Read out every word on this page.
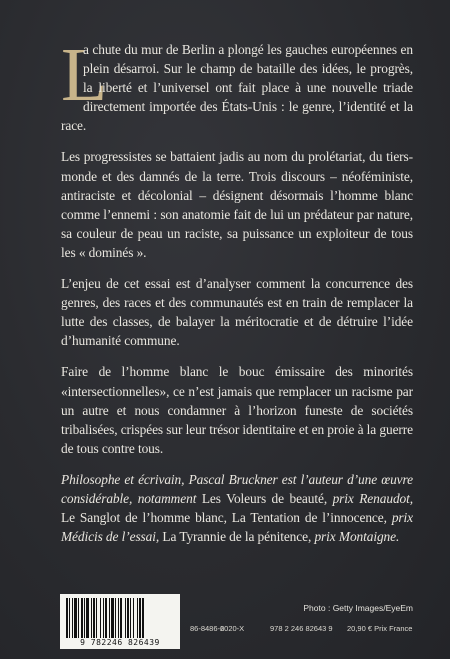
L
a chute du mur de Berlin a plongé les gauches européennes en plein désarroi. Sur le champ de bataille des idées, le progrès, la liberté et l’universel ont fait place à une nouvelle triade directement importée des États-Unis : le genre, l’identité et la race.

Les progressistes se battaient jadis au nom du prolétariat, du tiers-monde et des damnés de la terre. Trois discours – néoféministe, antiraciste et décolonial – désignent désormais l’homme blanc comme l’ennemi : son anatomie fait de lui un prédateur par nature, sa couleur de peau un raciste, sa puissance un exploiteur de tous les « dominés ».

L’enjeu de cet essai est d’analyser comment la concurrence des genres, des races et des communautés est en train de remplacer la lutte des classes, de balayer la méritocratie et de détruire l’idée d’humanité commune.

Faire de l’homme blanc le bouc émissaire des minorités «intersectionnelles», ce n’est jamais que remplacer un racisme par un autre et nous condamner à l’horizon funeste de sociétés tribalisées, crispées sur leur trésor identitaire et en proie à la guerre de tous contre tous.

Philosophe et écrivain, Pascal Bruckner est l’auteur d’une œuvre considérable, notamment Les Voleurs de beauté, prix Renaudot, Le Sanglot de l’homme blanc, La Tentation de l’innocence, prix Médicis de l’essai, La Tyrannie de la pénitence, prix Montaigne.

9 782246 826439
Photo : Getty Images/EyeEm
86-8486-6
2020-X	978 2 246 82643 9 20,90 € Prix France
